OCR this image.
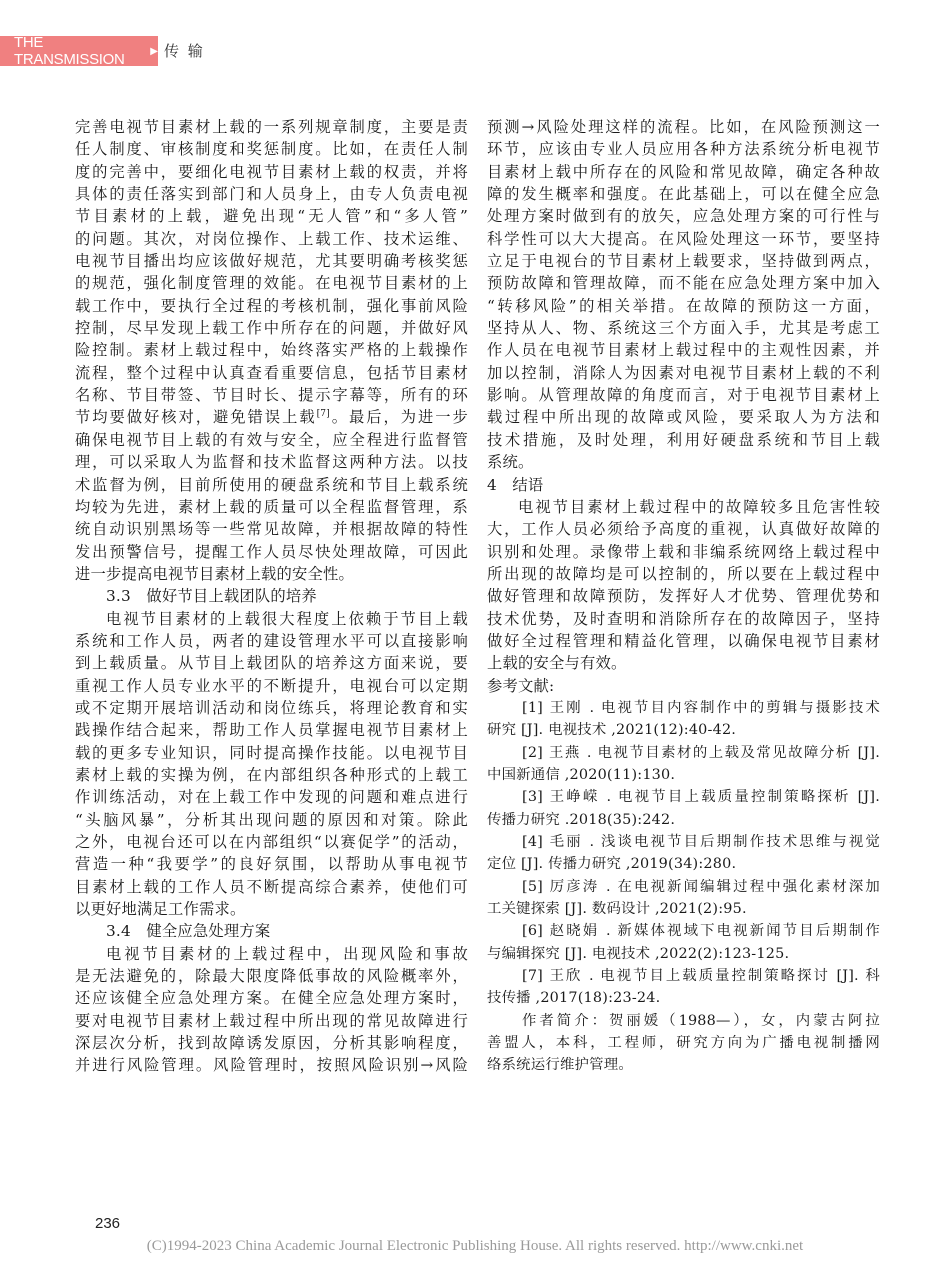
THE TRANSMISSION	▶ 传 输
完善电视节目素材上载的一系列规章制度，主要是责
任人制度、审核制度和奖惩制度。比如，在责任人制
度的完善中，要细化电视节目素材上载的权责，并将
具体的责任落实到部门和人员身上，由专人负责电视
节目素材的上载，避免出现“无人管”和“多人管”
的问题。其次，对岗位操作、上载工作、技术运维、
电视节目播出均应该做好规范，尤其要明确考核奖惩
的规范，强化制度管理的效能。在电视节目素材的上
载工作中，要执行全过程的考核机制，强化事前风险
控制，尽早发现上载工作中所存在的问题，并做好风
险控制。素材上载过程中，始终落实严格的上载操作
流程，整个过程中认真查看重要信息，包括节目素材
名称、节目带签、节目时长、提示字幕等，所有的环
节均要做好核对，避免错误上载[7]。最后，为进一步
确保电视节目上载的有效与安全，应全程进行监督管
理，可以采取人为监督和技术监督这两种方法。以技
术监督为例，目前所使用的硬盘系统和节目上载系统
均较为先进，素材上载的质量可以全程监督管理，系
统自动识别黑场等一些常见故障，并根据故障的特性
发出预警信号，提醒工作人员尽快处理故障，可因此
进一步提高电视节目素材上载的安全性。
3.3　做好节目上载团队的培养
电视节目素材的上载很大程度上依赖于节目上载
系统和工作人员，两者的建设管理水平可以直接影响
到上载质量。从节目上载团队的培养这方面来说，要
重视工作人员专业水平的不断提升，电视台可以定期
或不定期开展培训活动和岗位练兵，将理论教育和实
践操作结合起来，帮助工作人员掌握电视节目素材上
载的更多专业知识，同时提高操作技能。以电视节目
素材上载的实操为例，在内部组织各种形式的上载工
作训练活动，对在上载工作中发现的问题和难点进行
“头脑风暴”，分析其出现问题的原因和对策。除此
之外，电视台还可以在内部组织“以赛促学”的活动，
营造一种“我要学”的良好氛围，以帮助从事电视节
目素材上载的工作人员不断提高综合素养，使他们可
以更好地满足工作需求。
3.4　健全应急处理方案
电视节目素材的上载过程中，出现风险和事故
是无法避免的，除最大限度降低事故的风险概率外，
还应该健全应急处理方案。在健全应急处理方案时，
要对电视节目素材上载过程中所出现的常见故障进行
深层次分析，找到故障诱发原因，分析其影响程度，
并进行风险管理。风险管理时，按照风险识别→风险
预测→风险处理这样的流程。比如，在风险预测这一
环节，应该由专业人员应用各种方法系统分析电视节
目素材上载中所存在的风险和常见故障，确定各种故
障的发生概率和强度。在此基础上，可以在健全应急
处理方案时做到有的放矢，应急处理方案的可行性与
科学性可以大大提高。在风险处理这一环节，要坚持
立足于电视台的节目素材上载要求，坚持做到两点，
预防故障和管理故障，而不能在应急处理方案中加入
“转移风险”的相关举措。在故障的预防这一方面，
坚持从人、物、系统这三个方面入手，尤其是考虑工
作人员在电视节目素材上载过程中的主观性因素，并
加以控制，消除人为因素对电视节目素材上载的不利
影响。从管理故障的角度而言，对于电视节目素材上
载过程中所出现的故障或风险，要采取人为方法和
技术措施，及时处理，利用好硬盘系统和节目上载
系统。
4　结语
电视节目素材上载过程中的故障较多且危害性较
大，工作人员必须给予高度的重视，认真做好故障的
识别和处理。录像带上载和非编系统网络上载过程中
所出现的故障均是可以控制的，所以要在上载过程中
做好管理和故障预防，发挥好人才优势、管理优势和
技术优势，及时查明和消除所存在的故障因子，坚持
做好全过程管理和精益化管理，以确保电视节目素材
上载的安全与有效。
参考文献:
[1] 王刚 . 电视节目内容制作中的剪辑与摄影技术
研究 [J]. 电视技术 ,2021(12):40-42.
[2] 王燕 . 电视节目素材的上载及常见故障分析 [J].
中国新通信 ,2020(11):130.
[3] 王峥嵘 . 电视节目上载质量控制策略探析 [J].
传播力研究 .2018(35):242.
[4] 毛丽 . 浅谈电视节目后期制作技术思维与视觉
定位 [J]. 传播力研究 ,2019(34):280.
[5] 厉彦涛 . 在电视新闻编辑过程中强化素材深加
工关键探索 [J]. 数码设计 ,2021(2):95.
[6] 赵晓娟 . 新媒体视域下电视新闻节目后期制作
与编辑探究 [J]. 电视技术 ,2022(2):123-125.
[7] 王欣 . 电视节目上载质量控制策略探讨 [J]. 科
技传播 ,2017(18):23-24.
作者简介：贺丽媛（1988—），女，内蒙古阿拉
善盟人，本科，工程师，研究方向为广播电视制播网
络系统运行维护管理。
236
(C)1994-2023 China Academic Journal Electronic Publishing House. All rights reserved. http://www.cnki.net
